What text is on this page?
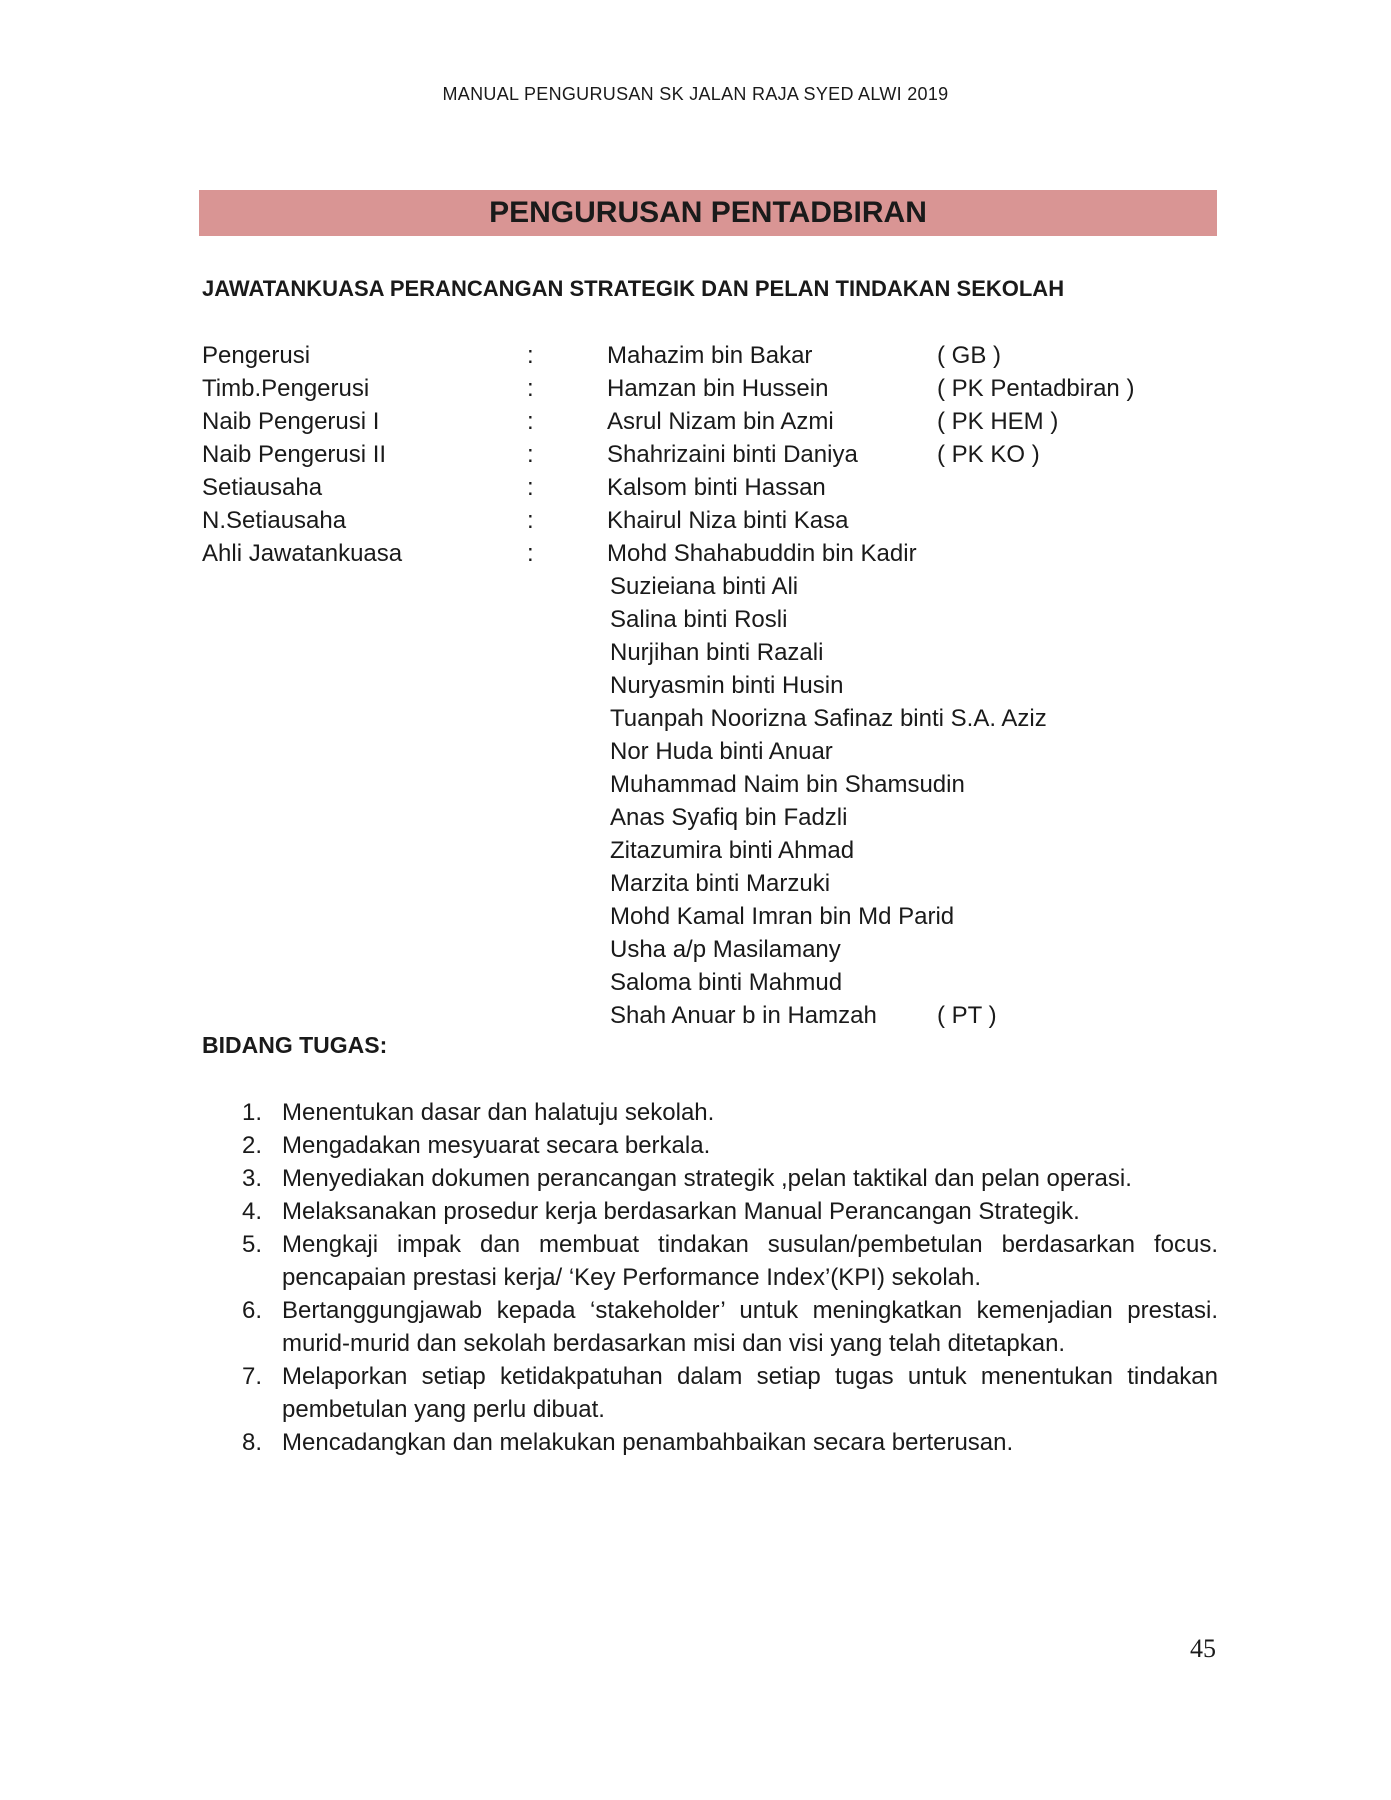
MANUAL PENGURUSAN SK JALAN RAJA SYED ALWI 2019
PENGURUSAN PENTADBIRAN
JAWATANKUASA PERANCANGAN STRATEGIK DAN PELAN TINDAKAN SEKOLAH
Pengerusi	:	Mahazim bin Bakar	( GB )
Timb.Pengerusi	:	Hamzan bin Hussein	( PK Pentadbiran )
Naib Pengerusi I	:	Asrul Nizam bin Azmi	( PK HEM )
Naib Pengerusi II	:	Shahrizaini binti Daniya	( PK KO )
Setiausaha	:	Kalsom binti Hassan
N.Setiausaha	:	Khairul Niza binti Kasa
Ahli Jawatankuasa	:	Mohd Shahabuddin bin Kadir
Suzieiana binti Ali
Salina binti Rosli
Nurjihan binti Razali
Nuryasmin binti Husin
Tuanpah Noorizna Safinaz binti S.A. Aziz
Nor Huda binti Anuar
Muhammad Naim bin Shamsudin
Anas Syafiq bin Fadzli
Zitazumira binti Ahmad
Marzita binti Marzuki
Mohd Kamal Imran bin Md Parid
Usha a/p Masilamany
Saloma binti Mahmud
Shah Anuar b in Hamzah	( PT )
BIDANG TUGAS:
1. Menentukan dasar dan halatuju sekolah.
2. Mengadakan mesyuarat secara berkala.
3. Menyediakan dokumen perancangan strategik ,pelan taktikal dan pelan operasi.
4. Melaksanakan prosedur kerja berdasarkan Manual Perancangan Strategik.
5. Mengkaji impak dan membuat tindakan susulan/pembetulan berdasarkan focus. pencapaian prestasi kerja/ ‘Key Performance Index’(KPI) sekolah.
6. Bertanggungjawab kepada ‘stakeholder’ untuk meningkatkan kemenjadian prestasi. murid-murid dan sekolah berdasarkan misi dan visi yang telah ditetapkan.
7. Melaporkan setiap ketidakpatuhan dalam setiap tugas untuk menentukan tindakan pembetulan yang perlu dibuat.
8. Mencadangkan dan melakukan penambahbaikan secara berterusan.
45
